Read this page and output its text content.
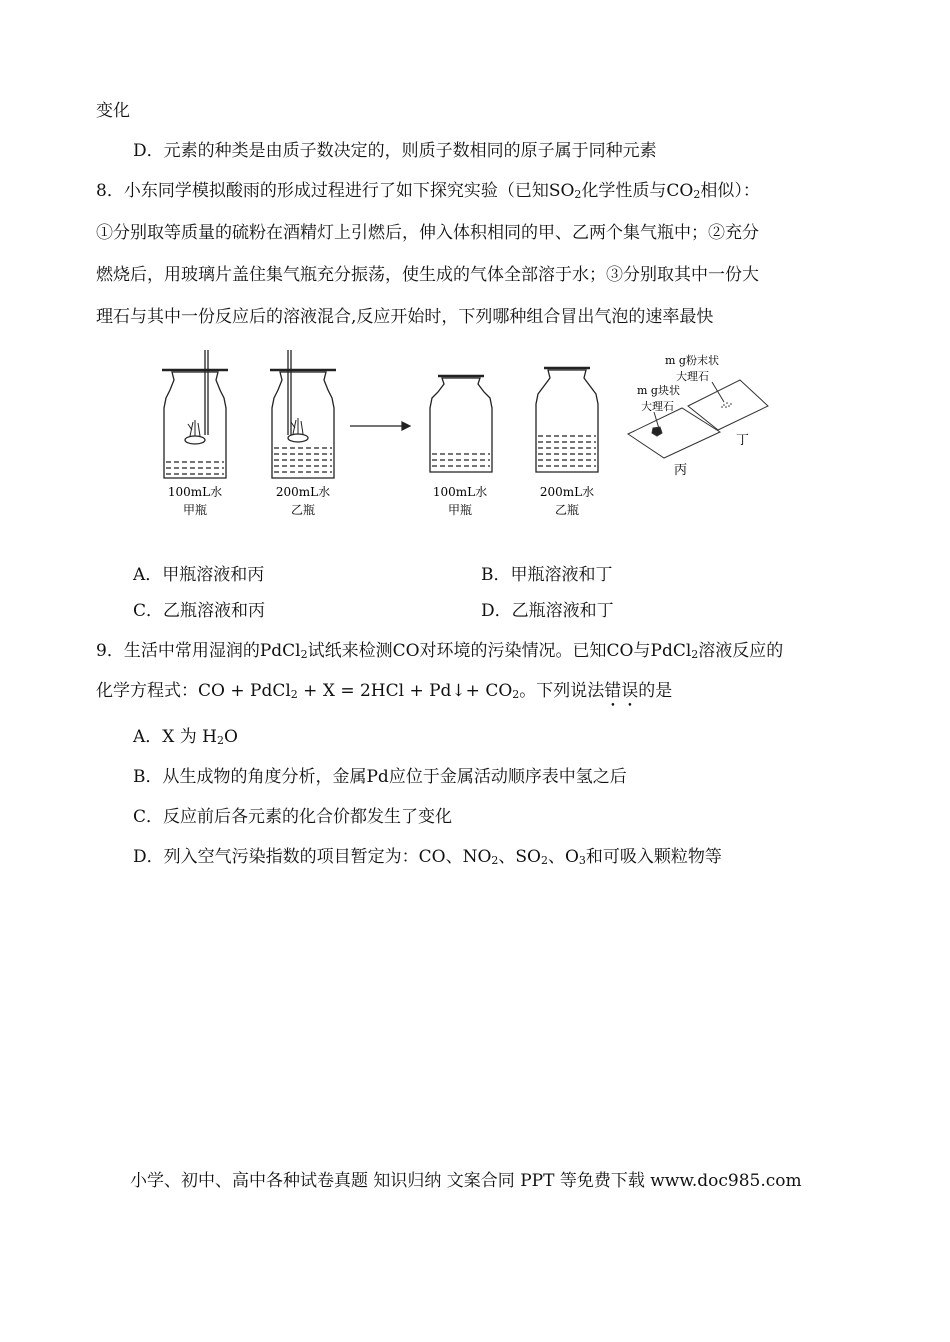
变化
D．元素的种类是由质子数决定的，则质子数相同的原子属于同种元素
8．小东同学模拟酸雨的形成过程进行了如下探究实验（已知$SO_2$化学性质与$CO_2$相似）：
①分别取等质量的硫粉在酒精灯上引燃后，伸入体积相同的甲、乙两个集气瓶中；②充分
燃烧后，用玻璃片盖住集气瓶充分振荡，使生成的气体全部溶于水；③分别取其中一份大
理石与其中一份反应后的溶液混合,反应开始时，下列哪种组合冒出气泡的速率最快
100mL水
甲瓶
200mL水
乙瓶
100mL水
甲瓶
200mL水
乙瓶
m g块状
大理石
m g粉末状
大理石
丙
丁
A．甲瓶溶液和丙	B．甲瓶溶液和丁
C．乙瓶溶液和丙	D．乙瓶溶液和丁
9．生活中常用湿润的PdCl$_2$试纸来检测CO对环境的污染情况。已知CO与PdCl$_2$溶液反应的
化学方程式：CO + PdCl$_2$ + X = 2HCl + Pd↓+ $CO_2$。下列说法错误的是
A．X 为 $H_2O$
B．从生成物的角度分析，金属Pd应位于金属活动顺序表中氢之后
C．反应前后各元素的化合价都发生了变化
D．列入空气污染指数的项目暂定为：CO、$NO_2$、$SO_2$、$O_3$和可吸入颗粒物等
小学、初中、高中各种试卷真题 知识归纳 文案合同 PPT 等免费下载 www.doc985.com
